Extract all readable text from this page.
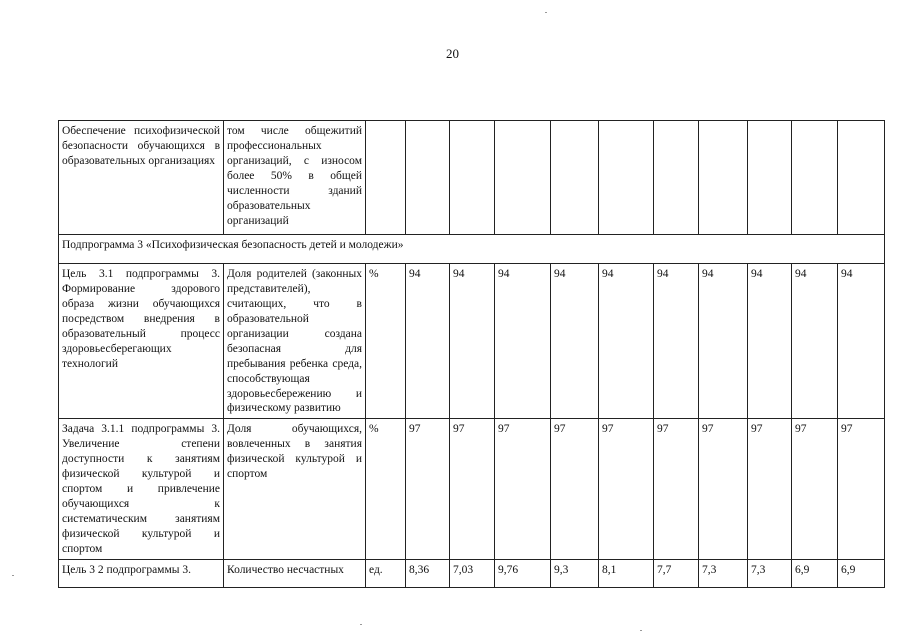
20
Обеспечение психофизической безопасности обучающихся в образовательных организациях	том числе общежитий профессиональных организаций, с износом более 50% в общей численности зданий образовательных организаций											
Подпрограмма 3 «Психофизическая безопасность детей и молодежи»												
Цель 3.1 подпрограммы 3. Формирование здорового образа жизни обучающихся посредством внедрения в образовательный процесс здоровьесберегающих технологий	Доля родителей (законных представителей), считающих, что в образовательной организации создана безопасная для пребывания ребенка среда, способствующая здоровьесбережению и физическому развитию	%	94	94	94	94	94	94	94	94	94	94
Задача 3.1.1 подпрограммы 3. Увеличение степени доступности к занятиям физической культурой и спортом и привлечение обучающихся к систематическим занятиям физической культурой и спортом	Доля обучающихся, вовлеченных в занятия физической культурой и спортом	%	97	97	97	97	97	97	97	97	97	97
Цель 3 2 подпрограммы 3.	Количество несчастных	ед.	8,36	7,03	9,76	9,3	8,1	7,7	7,3	7,3	6,9	6,9
